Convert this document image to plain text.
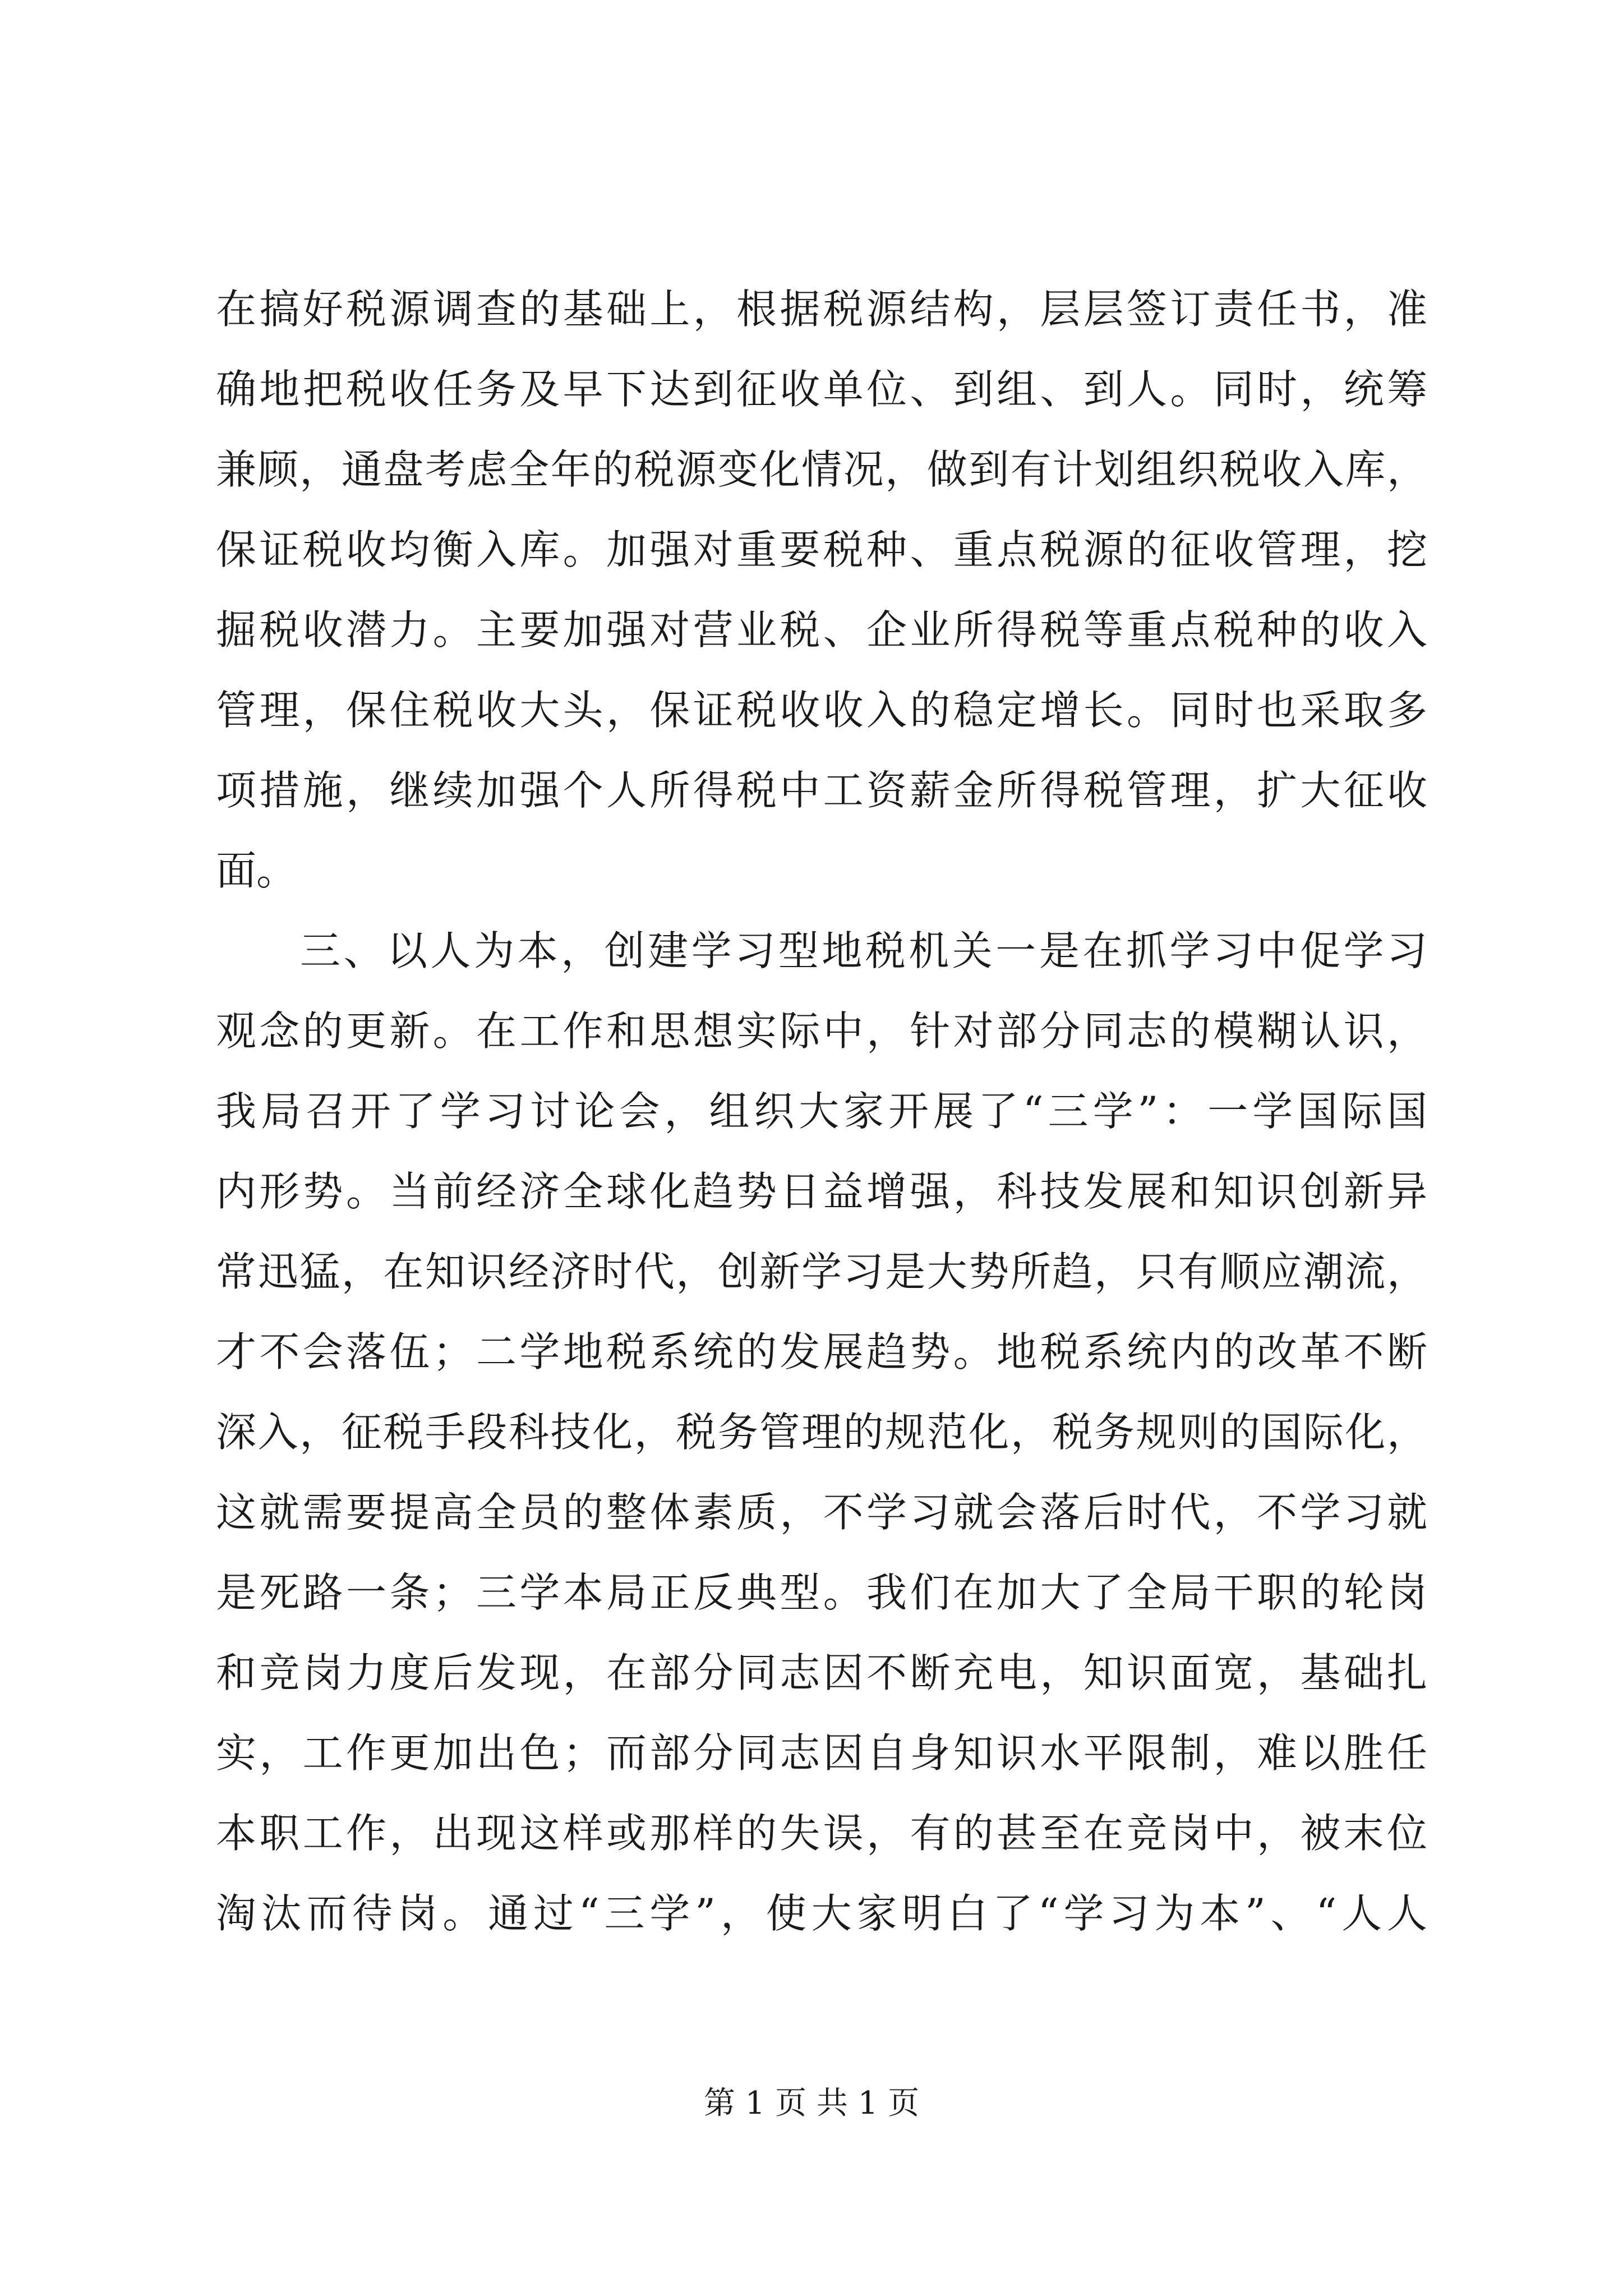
在搞好税源调查的基础上，根据税源结构，层层签订责任书，准
确地把税收任务及早下达到征收单位、到组、到人。同时，统筹
兼顾，通盘考虑全年的税源变化情况，做到有计划组织税收入库，
保证税收均衡入库。加强对重要税种、重点税源的征收管理，挖
掘税收潜力。主要加强对营业税、企业所得税等重点税种的收入
管理，保住税收大头，保证税收收入的稳定增长。同时也采取多
项措施，继续加强个人所得税中工资薪金所得税管理，扩大征收
面。
三、以人为本，创建学习型地税机关一是在抓学习中促学习
观念的更新。在工作和思想实际中，针对部分同志的模糊认识，
我局召开了学习讨论会，组织大家开展了“三学”：一学国际国
内形势。当前经济全球化趋势日益增强，科技发展和知识创新异
常迅猛，在知识经济时代，创新学习是大势所趋，只有顺应潮流，
才不会落伍；二学地税系统的发展趋势。地税系统内的改革不断
深入，征税手段科技化，税务管理的规范化，税务规则的国际化，
这就需要提高全员的整体素质，不学习就会落后时代，不学习就
是死路一条；三学本局正反典型。我们在加大了全局干职的轮岗
和竞岗力度后发现，在部分同志因不断充电，知识面宽，基础扎
实，工作更加出色；而部分同志因自身知识水平限制，难以胜任
本职工作，出现这样或那样的失误，有的甚至在竞岗中，被末位
淘汰而待岗。通过“三学”，使大家明白了“学习为本”、“人人
第 1 页 共 1 页
